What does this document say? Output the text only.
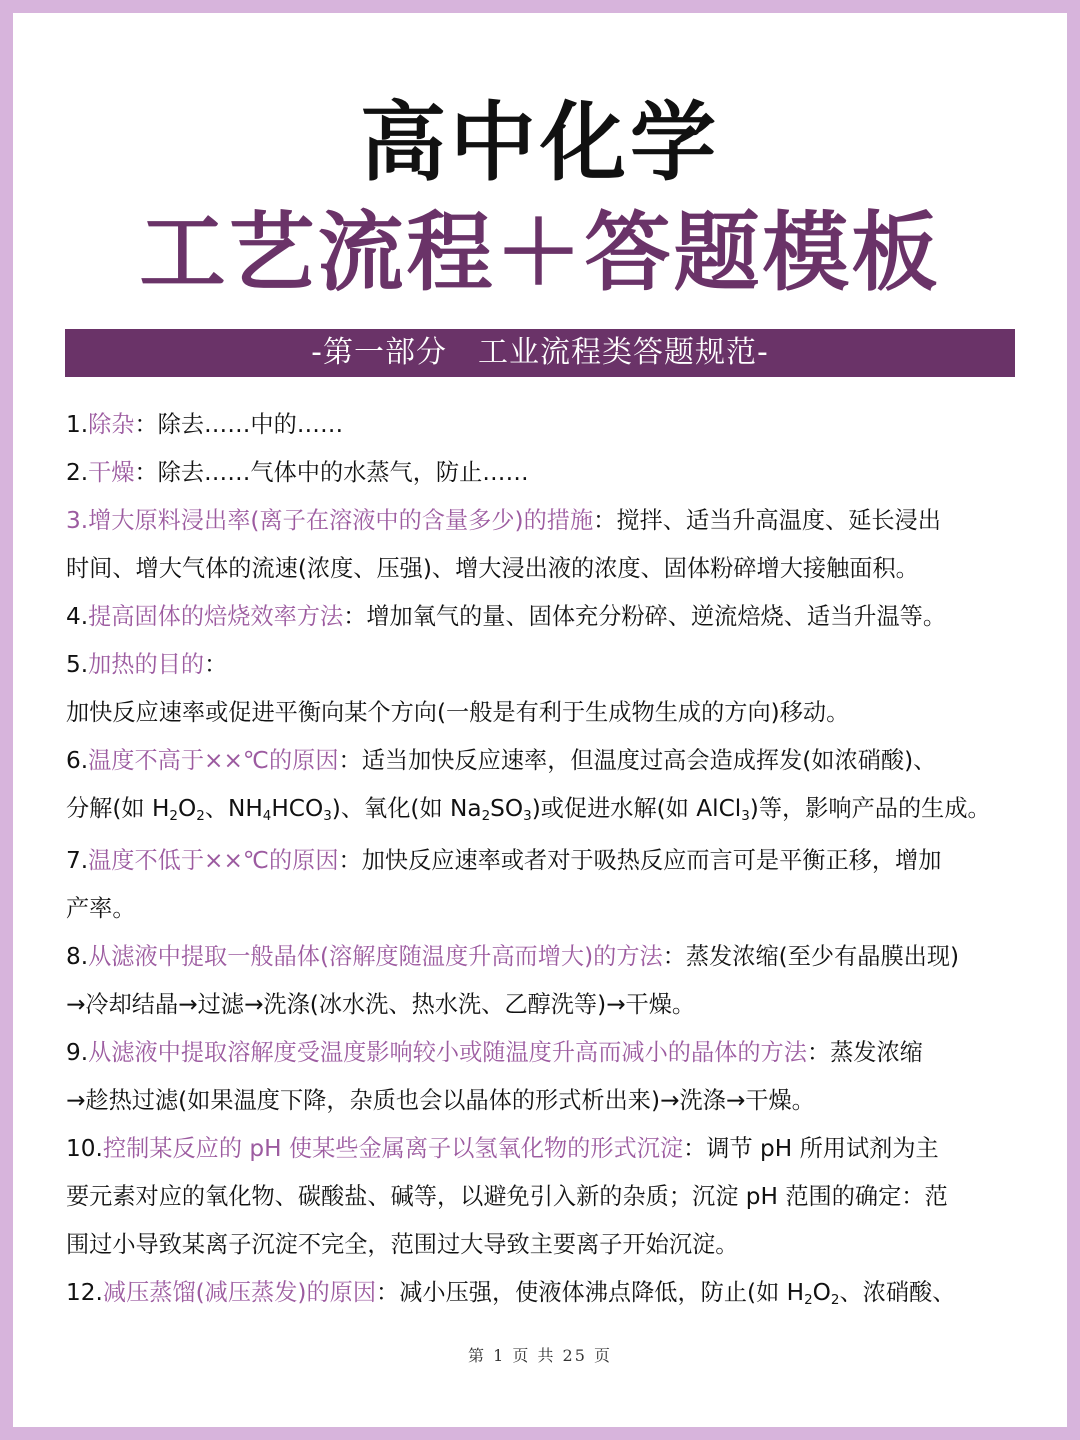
高中化学
工艺流程＋答题模板
-第一部分　工业流程类答题规范-
1.除杂：除去……中的……
2.干燥：除去……气体中的水蒸气，防止……
3.增大原料浸出率(离子在溶液中的含量多少)的措施：搅拌、适当升高温度、延长浸出
时间、增大气体的流速(浓度、压强)、增大浸出液的浓度、固体粉碎增大接触面积。
4.提高固体的焙烧效率方法：增加氧气的量、固体充分粉碎、逆流焙烧、适当升温等。
5.加热的目的：
加快反应速率或促进平衡向某个方向(一般是有利于生成物生成的方向)移动。
6.温度不高于××℃的原因：适当加快反应速率，但温度过高会造成挥发(如浓硝酸)、
分解(如 $H_2O_2$、$NH_4HCO_3$)、氧化(如 $Na_2SO_3$)或促进水解(如 AlCl$_3$)等，影响产品的生成。
7.温度不低于××℃的原因：加快反应速率或者对于吸热反应而言可是平衡正移，增加
产率。
8.从滤液中提取一般晶体(溶解度随温度升高而增大)的方法：蒸发浓缩(至少有晶膜出现)
→冷却结晶→过滤→洗涤(冰水洗、热水洗、乙醇洗等)→干燥。
9.从滤液中提取溶解度受温度影响较小或随温度升高而减小的晶体的方法：蒸发浓缩
→趁热过滤(如果温度下降，杂质也会以晶体的形式析出来)→洗涤→干燥。
10.控制某反应的 pH 使某些金属离子以氢氧化物的形式沉淀：调节 pH 所用试剂为主
要元素对应的氧化物、碳酸盐、碱等，以避免引入新的杂质；沉淀 pH 范围的确定：范
围过小导致某离子沉淀不完全，范围过大导致主要离子开始沉淀。
12.减压蒸馏(减压蒸发)的原因：减小压强，使液体沸点降低，防止(如 $H_2O_2$、浓硝酸、
第 1 页 共 25 页
